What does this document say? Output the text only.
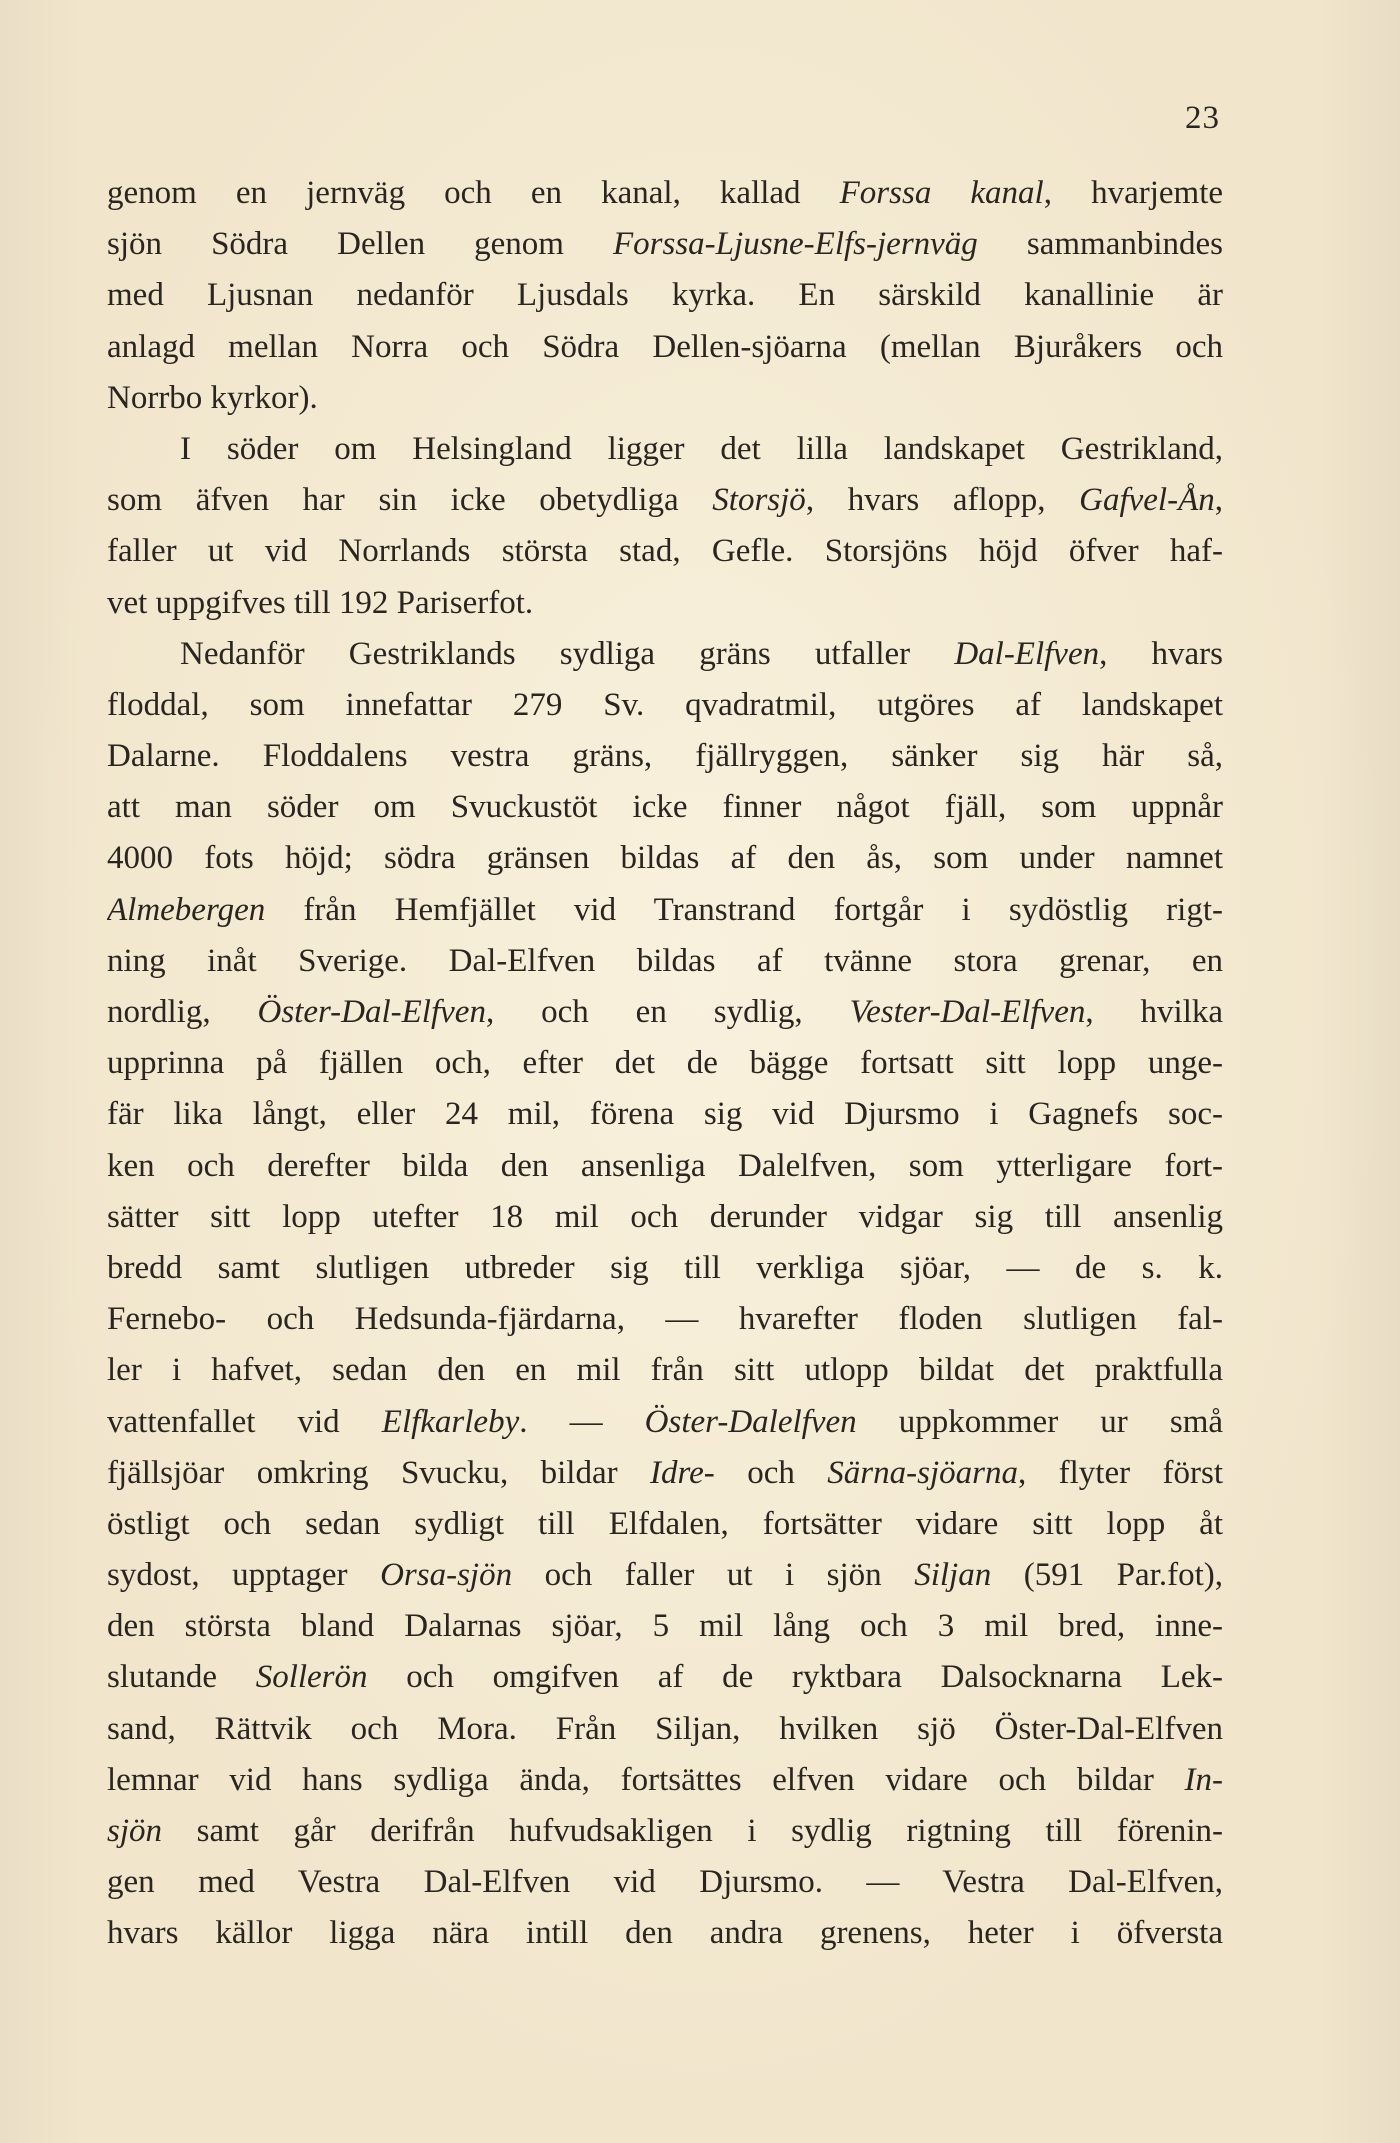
23
genom en jernväg och en kanal, kallad Forssa kanal, hvarjemte
sjön Södra Dellen genom Forssa-Ljusne-Elfs-jernväg sammanbindes
med Ljusnan nedanför Ljusdals kyrka. En särskild kanallinie är
anlagd mellan Norra och Södra Dellen-sjöarna (mellan Bjuråkers och
Norrbo kyrkor).
I söder om Helsingland ligger det lilla landskapet Gestrikland,
som äfven har sin icke obetydliga Storsjö, hvars aflopp, Gafvel-Ån,
faller ut vid Norrlands största stad, Gefle. Storsjöns höjd öfver haf-
vet uppgifves till 192 Pariserfot.
Nedanför Gestriklands sydliga gräns utfaller Dal-Elfven, hvars
floddal, som innefattar 279 Sv. qvadratmil, utgöres af landskapet
Dalarne. Floddalens vestra gräns, fjällryggen, sänker sig här så,
att man söder om Svuckustöt icke finner något fjäll, som uppnår
4000 fots höjd; södra gränsen bildas af den ås, som under namnet
Almebergen från Hemfjället vid Transtrand fortgår i sydöstlig rigt-
ning inåt Sverige. Dal-Elfven bildas af tvänne stora grenar, en
nordlig, Öster-Dal-Elfven, och en sydlig, Vester-Dal-Elfven, hvilka
upprinna på fjällen och, efter det de bägge fortsatt sitt lopp unge-
fär lika långt, eller 24 mil, förena sig vid Djursmo i Gagnefs soc-
ken och derefter bilda den ansenliga Dalelfven, som ytterligare fort-
sätter sitt lopp utefter 18 mil och derunder vidgar sig till ansenlig
bredd samt slutligen utbreder sig till verkliga sjöar, — de s. k.
Fernebo- och Hedsunda-fjärdarna, — hvarefter floden slutligen fal-
ler i hafvet, sedan den en mil från sitt utlopp bildat det praktfulla
vattenfallet vid Elfkarleby. — Öster-Dalelfven uppkommer ur små
fjällsjöar omkring Svucku, bildar Idre- och Särna-sjöarna, flyter först
östligt och sedan sydligt till Elfdalen, fortsätter vidare sitt lopp åt
sydost, upptager Orsa-sjön och faller ut i sjön Siljan (591 Par.fot),
den största bland Dalarnas sjöar, 5 mil lång och 3 mil bred, inne-
slutande Sollerön och omgifven af de ryktbara Dalsocknarna Lek-
sand, Rättvik och Mora. Från Siljan, hvilken sjö Öster-Dal-Elfven
lemnar vid hans sydliga ända, fortsättes elfven vidare och bildar In-
sjön samt går derifrån hufvudsakligen i sydlig rigtning till förenin-
gen med Vestra Dal-Elfven vid Djursmo. — Vestra Dal-Elfven,
hvars källor ligga nära intill den andra grenens, heter i öfversta
